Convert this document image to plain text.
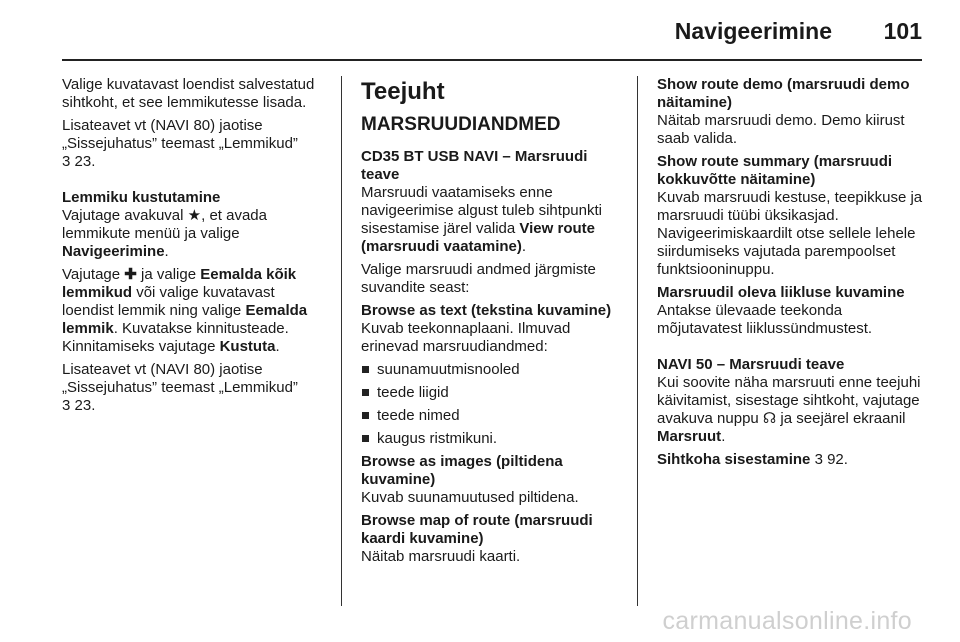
Navigeerimine 101

Valige kuvatavast loendist salvestatud sihtkoht, et see lemmikutesse lisada.

Lisateavet vt (NAVI 80) jaotise „Sissejuhatus” teemast „Lemmikud”
3 23.

Lemmiku kustutamine

Vajutage avakuval ★, et avada lemmikute menüü ja valige Navigeerimine.

Vajutage ✚ ja valige Eemalda kõik lemmikud või valige kuvatavast loendist lemmik ning valige Eemalda lemmik. Kuvatakse kinnitusteade. Kinnitamiseks vajutage Kustuta.

Lisateavet vt (NAVI 80) jaotise „Sissejuhatus” teemast „Lemmikud”
3 23.

Teejuht
MARSRUUDIANDMED
CD35 BT USB NAVI – Marsruudi teave

Marsruudi vaatamiseks enne navigeerimise algust tuleb sihtpunkti sisestamise järel valida View route (marsruudi vaatamine).

Valige marsruudi andmed järgmiste suvandite seast:

Browse as text (tekstina kuvamine)

Kuvab teekonnaplaani. Ilmuvad erinevad marsruudiandmed:

suunamuutmisnooled
teede liigid
teede nimed
kaugus ristmikuni.
Browse as images (piltidena kuvamine)

Kuvab suunamuutused piltidena.

Browse map of route (marsruudi kaardi kuvamine)

Näitab marsruudi kaarti.

Show route demo (marsruudi demo näitamine)

Näitab marsruudi demo. Demo kiirust saab valida.

Show route summary (marsruudi kokkuvõtte näitamine)

Kuvab marsruudi kestuse, teepikkuse ja marsruudi tüübi üksikasjad. Navigeerimiskaardilt otse sellele lehele siirdumiseks vajutada parempoolset funktsiooninuppu.

Marsruudil oleva liikluse kuvamine

Antakse ülevaade teekonda mõjutavatest liiklussündmustest.

NAVI 50 – Marsruudi teave

Kui soovite näha marsruuti enne teejuhi käivitamist, sisestage sihtkoht, vajutage avakuva nuppu ☊ ja seejärel ekraanil Marsruut.

Sihtkoha sisestamine 3 92.

carmanualsonline.info
